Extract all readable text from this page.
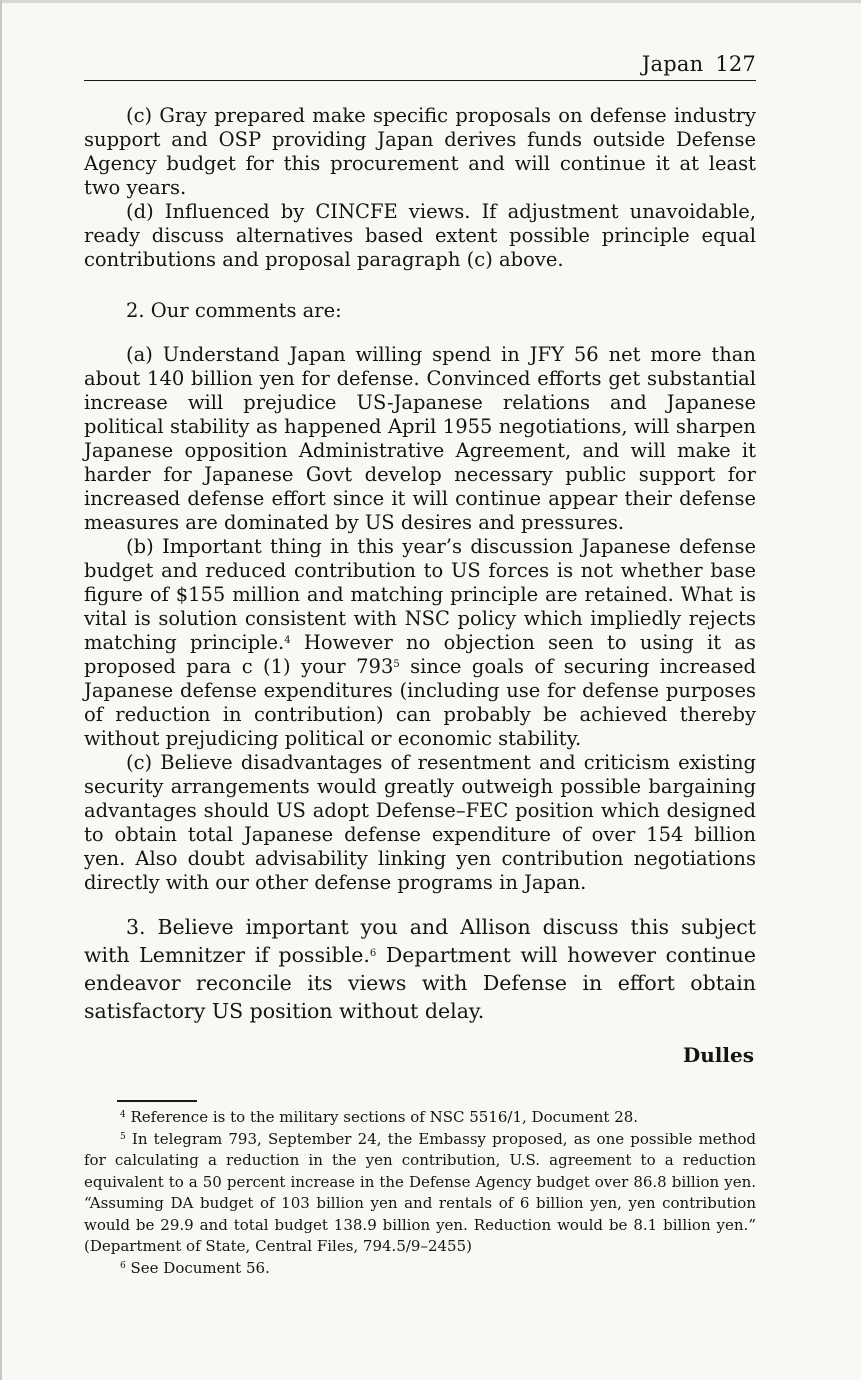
Japan 127

(c) Gray prepared make specific proposals on defense industry support and OSP providing Japan derives funds outside Defense Agency budget for this procurement and will continue it at least two years.

(d) Influenced by CINCFE views. If adjustment unavoidable, ready discuss alternatives based extent possible principle equal contributions and proposal paragraph (c) above.

2. Our comments are:

(a) Understand Japan willing spend in JFY 56 net more than about 140 billion yen for defense. Convinced efforts get substantial increase will prejudice US-Japanese relations and Japanese political stability as happened April 1955 negotiations, will sharpen Japanese opposition Administrative Agreement, and will make it harder for Japanese Govt develop necessary public support for increased defense effort since it will continue appear their defense measures are dominated by US desires and pressures.

(b) Important thing in this year’s discussion Japanese defense budget and reduced contribution to US forces is not whether base figure of $155 million and matching principle are retained. What is vital is solution consistent with NSC policy which impliedly rejects matching principle.$^4$ However no objection seen to using it as proposed para c (1) your $793^5$ since goals of securing increased Japanese defense expenditures (including use for defense purposes of reduction in contribution) can probably be achieved thereby without prejudicing political or economic stability.

(c) Believe disadvantages of resentment and criticism existing security arrangements would greatly outweigh possible bargaining advantages should US adopt Defense–FEC position which designed to obtain total Japanese defense expenditure of over 154 billion yen. Also doubt advisability linking yen contribution negotiations directly with our other defense programs in Japan.

3. Believe important you and Allison discuss this subject with Lemnitzer if possible.$^6$ Department will however continue endeavor reconcile its views with Defense in effort obtain satisfactory US position without delay.

Dulles

$^4$ Reference is to the military sections of NSC 5516/1, Document 28.

$^5$ In telegram 793, September 24, the Embassy proposed, as one possible method for calculating a reduction in the yen contribution, U.S. agreement to a reduction equivalent to a 50 percent increase in the Defense Agency budget over 86.8 billion yen. “Assuming DA budget of 103 billion yen and rentals of 6 billion yen, yen contribution would be 29.9 and total budget 138.9 billion yen. Reduction would be 8.1 billion yen.” (Department of State, Central Files, 794.5/9–2455)

$^6$ See Document 56.
